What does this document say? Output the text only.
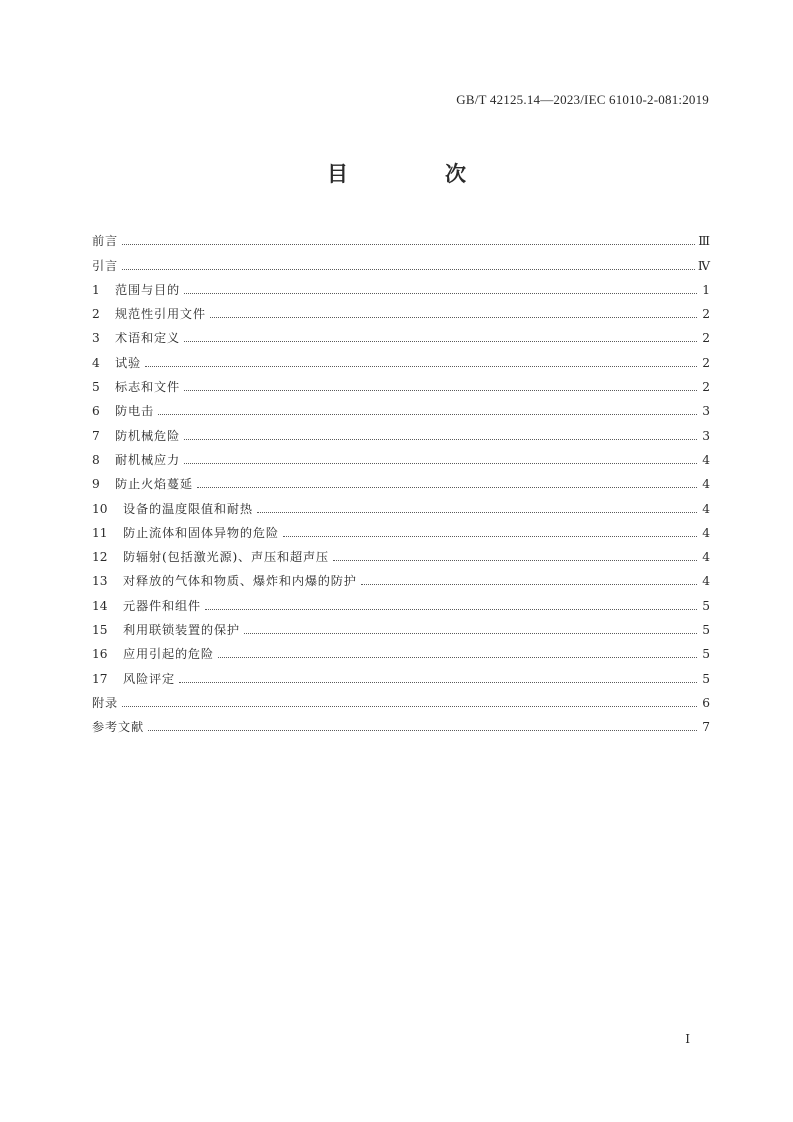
GB/T 42125.14—2023/IEC 61010-2-081:2019
目　次
前言	Ⅲ
引言	Ⅳ
1	范围与目的	1
2	规范性引用文件	2
3	术语和定义	2
4	试验	2
5	标志和文件	2
6	防电击	3
7	防机械危险	3
8	耐机械应力	4
9	防止火焰蔓延	4
10	设备的温度限值和耐热	4
11	防止流体和固体异物的危险	4
12	防辐射(包括激光源)、声压和超声压	4
13	对释放的气体和物质、爆炸和内爆的防护	4
14	元器件和组件	5
15	利用联锁装置的保护	5
16	应用引起的危险	5
17	风险评定	5
附录	6
参考文献	7
I
